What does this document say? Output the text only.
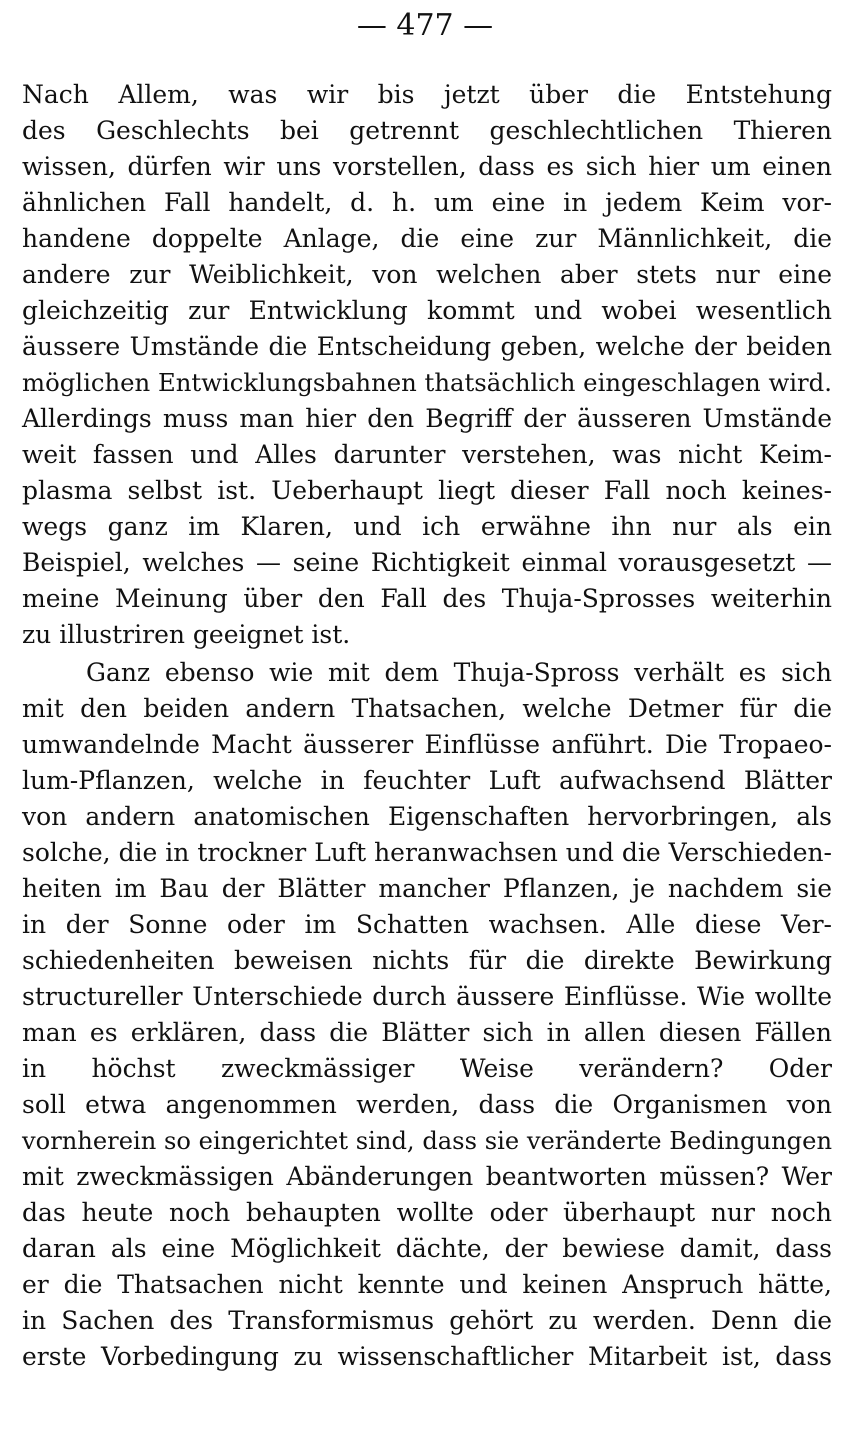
— 477 —
Nach Allem, was wir bis jetzt über die Entstehung
des Geschlechts bei getrennt geschlechtlichen Thieren
wissen, dürfen wir uns vorstellen, dass es sich hier um einen
ähnlichen Fall handelt, d. h. um eine in jedem Keim vor-
handene doppelte Anlage, die eine zur Männlichkeit, die
andere zur Weiblichkeit, von welchen aber stets nur eine
gleichzeitig zur Entwicklung kommt und wobei wesentlich
äussere Umstände die Entscheidung geben, welche der beiden
möglichen Entwicklungsbahnen thatsächlich eingeschlagen wird.
Allerdings muss man hier den Begriff der äusseren Umstände
weit fassen und Alles darunter verstehen, was nicht Keim-
plasma selbst ist. Ueberhaupt liegt dieser Fall noch keines-
wegs ganz im Klaren, und ich erwähne ihn nur als ein
Beispiel, welches — seine Richtigkeit einmal vorausgesetzt —
meine Meinung über den Fall des Thuja-Sprosses weiterhin
zu illustriren geeignet ist.
Ganz ebenso wie mit dem Thuja-Spross verhält es sich
mit den beiden andern Thatsachen, welche Detmer für die
umwandelnde Macht äusserer Einflüsse anführt. Die Tropaeo-
lum-Pflanzen, welche in feuchter Luft aufwachsend Blätter
von andern anatomischen Eigenschaften hervorbringen, als
solche, die in trockner Luft heranwachsen und die Verschieden-
heiten im Bau der Blätter mancher Pflanzen, je nachdem sie
in der Sonne oder im Schatten wachsen. Alle diese Ver-
schiedenheiten beweisen nichts für die direkte Bewirkung
structureller Unterschiede durch äussere Einflüsse. Wie wollte
man es erklären, dass die Blätter sich in allen diesen Fällen
in höchst zweckmässiger Weise verändern? Oder
soll etwa angenommen werden, dass die Organismen von
vornherein so eingerichtet sind, dass sie veränderte Bedingungen
mit zweckmässigen Abänderungen beantworten müssen? Wer
das heute noch behaupten wollte oder überhaupt nur noch
daran als eine Möglichkeit dächte, der bewiese damit, dass
er die Thatsachen nicht kennte und keinen Anspruch hätte,
in Sachen des Transformismus gehört zu werden. Denn die
erste Vorbedingung zu wissenschaftlicher Mitarbeit ist, dass
